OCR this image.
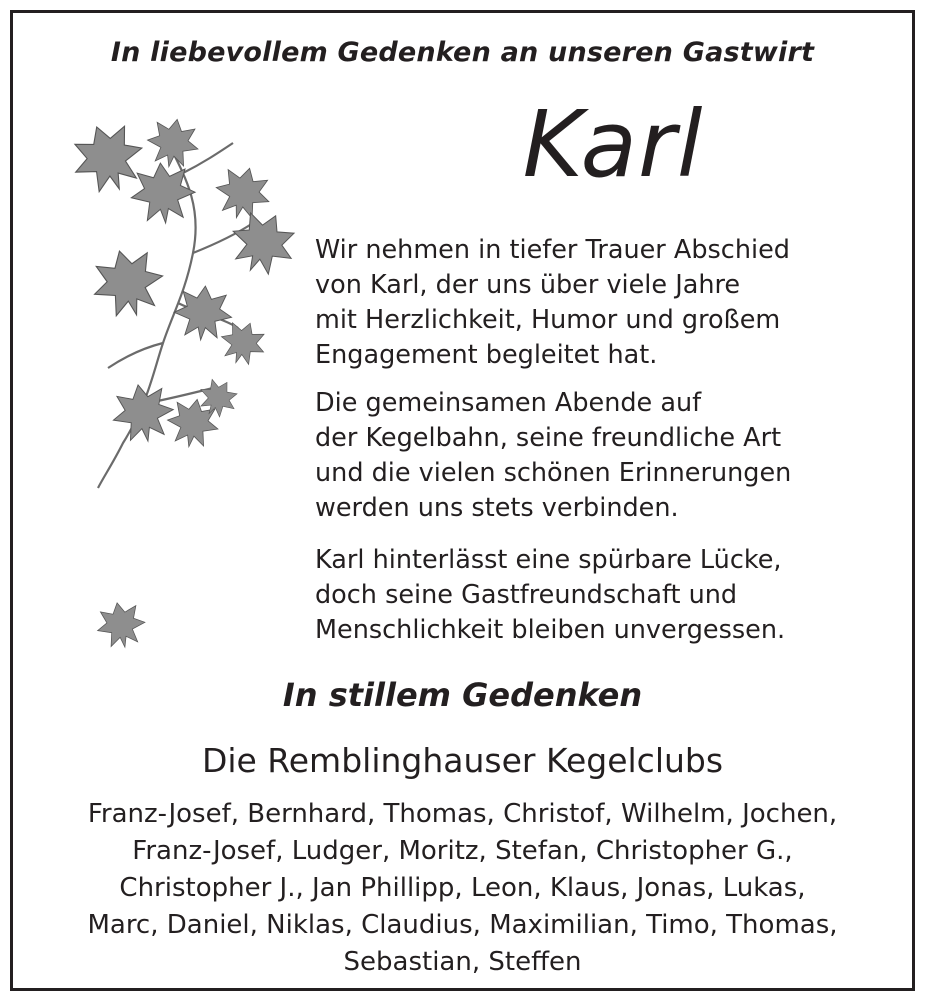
In liebevollem Gedenken an unseren Gastwirt
Karl
Wir nehmen in tiefer Trauer Abschied
von Karl, der uns über viele Jahre
mit Herzlichkeit, Humor und großem
Engagement begleitet hat.
Die gemeinsamen Abende auf
der Kegelbahn, seine freundliche Art
und die vielen schönen Erinnerungen
werden uns stets verbinden.
Karl hinterlässt eine spürbare Lücke,
doch seine Gastfreundschaft und
Menschlichkeit bleiben unvergessen.
In stillem Gedenken
Die Remblinghauser Kegelclubs
Franz-Josef, Bernhard, Thomas, Christof, Wilhelm, Jochen,
Franz-Josef, Ludger, Moritz, Stefan, Christopher G.,
Christopher J., Jan Phillipp, Leon, Klaus, Jonas, Lukas,
Marc, Daniel, Niklas, Claudius, Maximilian, Timo, Thomas,
Sebastian, Steffen
